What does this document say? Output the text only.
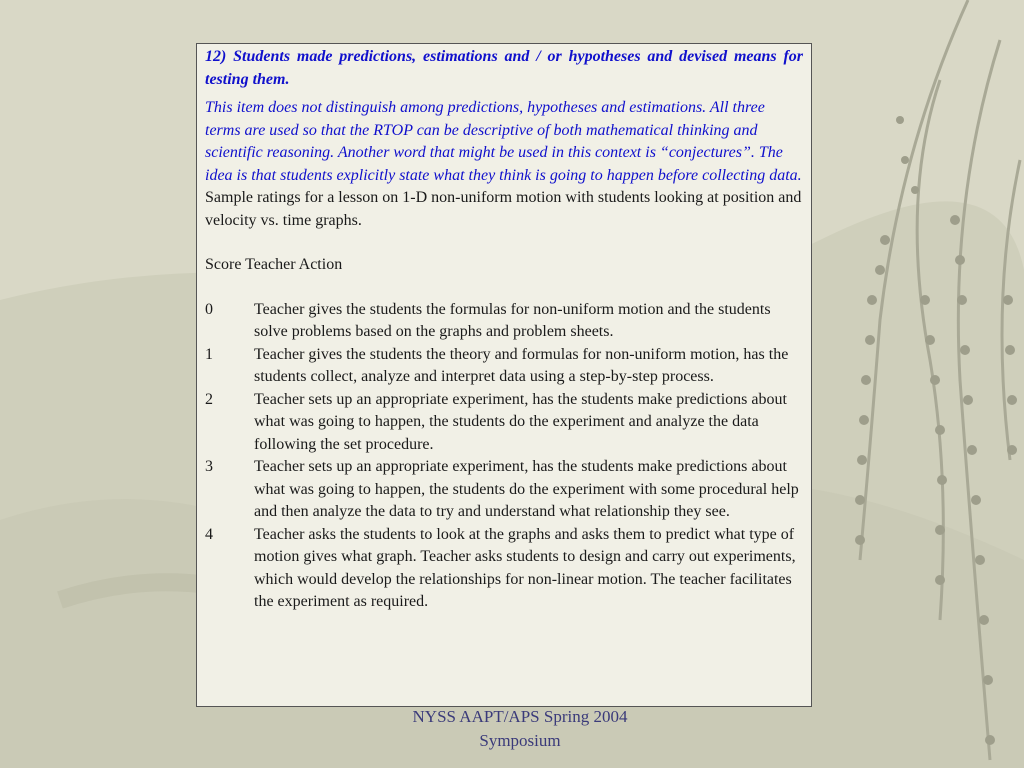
12) Students made predictions, estimations and / or hypotheses and devised means for testing them.

This item does not distinguish among predictions, hypotheses and estimations. All three terms are used so that the RTOP can be descriptive of both mathematical thinking and scientific reasoning. Another word that might be used in this context is “conjectures”. The idea is that students explicitly state what they think is going to happen before collecting data.

Sample ratings for a lesson on 1-D non-uniform motion with students looking at position and velocity vs. time graphs.

Score Teacher Action

0	Teacher gives the students the formulas for non-uniform motion and the students solve problems based on the graphs and problem sheets.
1	Teacher gives the students the theory and formulas for non-uniform motion, has the students collect, analyze and interpret data using a step-by-step process.
2	Teacher sets up an appropriate experiment, has the students make predictions about what was going to happen, the students do the experiment and analyze the data following the set procedure.
3	Teacher sets up an appropriate experiment, has the students make predictions about what was going to happen, the students do the experiment with some procedural help and then analyze the data to try and understand what relationship they see.
4	Teacher asks the students to look at the graphs and asks them to predict what type of motion gives what graph. Teacher asks students to design and carry out experiments, which would develop the relationships for non-linear motion. The teacher facilitates the experiment as required.
NYSS AAPT/APS Spring 2004
Symposium
